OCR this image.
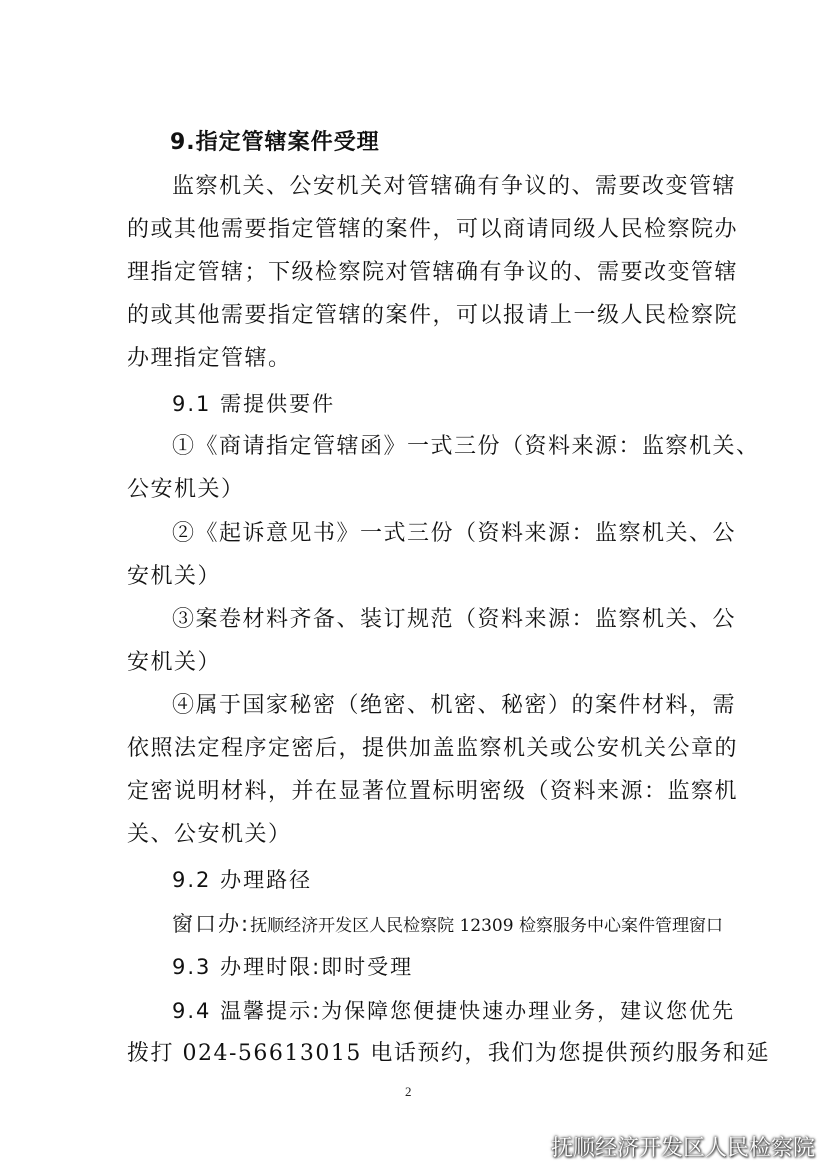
9.指定管辖案件受理
监察机关、公安机关对管辖确有争议的、需要改变管辖
的或其他需要指定管辖的案件，可以商请同级人民检察院办
理指定管辖；下级检察院对管辖确有争议的、需要改变管辖
的或其他需要指定管辖的案件，可以报请上一级人民检察院
办理指定管辖。
9.1 需提供要件
①《商请指定管辖函》一式三份（资料来源：监察机关、
公安机关）
②《起诉意见书》一式三份（资料来源：监察机关、公
安机关）
③案卷材料齐备、装订规范（资料来源：监察机关、公
安机关）
④属于国家秘密（绝密、机密、秘密）的案件材料，需
依照法定程序定密后，提供加盖监察机关或公安机关公章的
定密说明材料，并在显著位置标明密级（资料来源：监察机
关、公安机关）
9.2 办理路径
窗口办:抚顺经济开发区人民检察院 12309 检察服务中心案件管理窗口
9.3 办理时限:即时受理
9.4 温馨提示:为保障您便捷快速办理业务，建议您优先
拨打 024-56613015 电话预约，我们为您提供预约服务和延
2
抚顺经济开发区人民检察院
